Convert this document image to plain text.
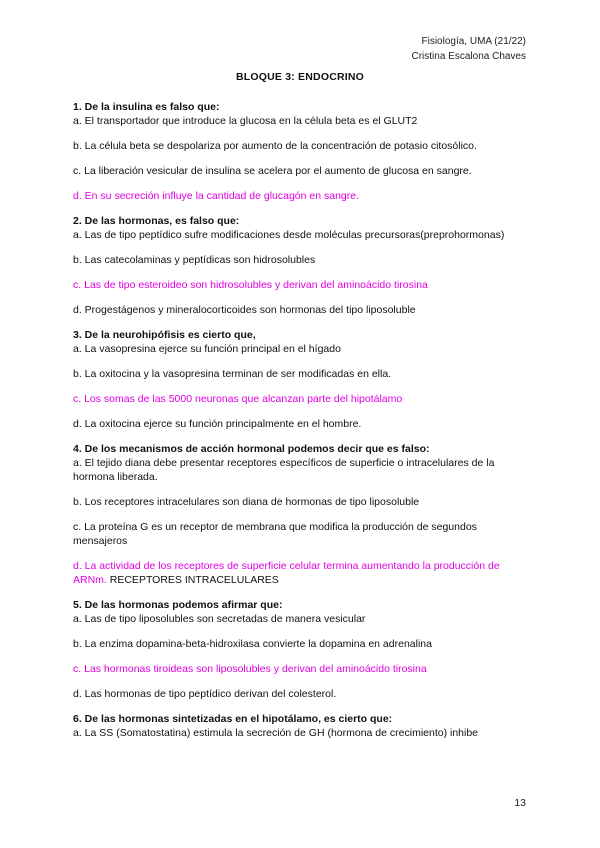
Fisiología, UMA (21/22)
Cristina Escalona Chaves
BLOQUE 3: ENDOCRINO
1. De la insulina es falso que:
a. El transportador que introduce la glucosa en la célula beta es el GLUT2
b. La célula beta se despolariza por aumento de la concentración de potasio citosólico.
c. La liberación vesicular de insulina se acelera por el aumento de glucosa en sangre.
d. En su secreción influye la cantidad de glucagón en sangre.
2. De las hormonas, es falso que:
a. Las de tipo peptídico sufre modificaciones desde moléculas precursoras(preprohormonas)
b. Las catecolaminas y peptídicas son hidrosolubles
c. Las de tipo esteroideo son hidrosolubles y derivan del aminoácido tirosina
d. Progestágenos y mineralocorticoides son hormonas del tipo liposoluble
3. De la neurohipófisis es cierto que,
a. La vasopresina ejerce su función principal en el hígado
b. La oxitocina y la vasopresina terminan de ser modificadas en ella.
c. Los somas de las 5000 neuronas que alcanzan parte del hipotálamo
d. La oxitocina ejerce su función principalmente en el hombre.
4. De los mecanismos de acción hormonal podemos decir que es falso:
a. El tejido diana debe presentar receptores específicos de superficie o intracelulares de la hormona liberada.
b. Los receptores intracelulares son diana de hormonas de tipo liposoluble
c. La proteína G es un receptor de membrana que modifica la producción de segundos mensajeros
d. La actividad de los receptores de superficie celular termina aumentando la producción de ARNm. RECEPTORES INTRACELULARES
5. De las hormonas podemos afirmar que:
a. Las de tipo liposolubles son secretadas de manera vesicular
b. La enzima dopamina-beta-hidroxilasa convierte la dopamina en adrenalina
c. Las hormonas tiroideas son liposolubles y derivan del aminoácido tirosina
d. Las hormonas de tipo peptídico derivan del colesterol.
6. De las hormonas sintetizadas en el hipotálamo, es cierto que:
a. La SS (Somatostatina) estimula la secreción de GH (hormona de crecimiento) inhibe
13
